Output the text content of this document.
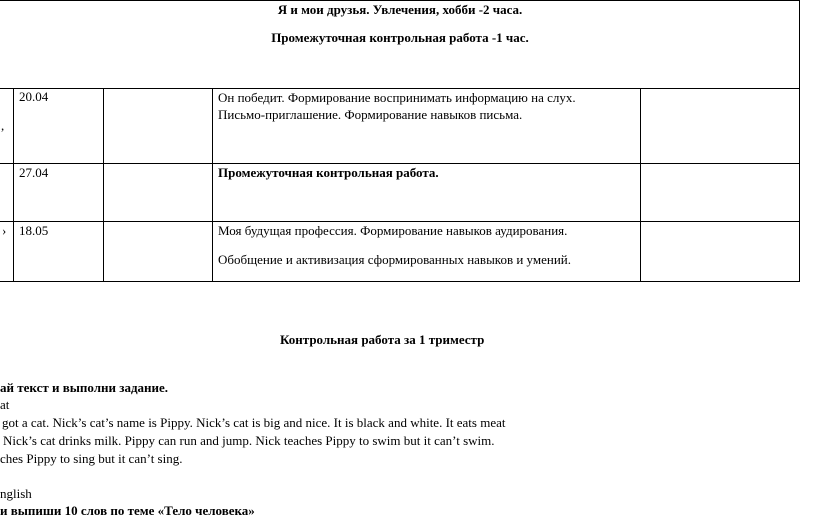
Я и мои друзья. Увлечения, хобби -2 часа.
Промежуточная контрольная работа -1 час.
,
20.04	Он победит. Формирование воспринимать информацию на слух.
Письмо-приглашение. Формирование навыков письма.
27.04	Промежуточная контрольная работа.
› 18.05	Моя будущая профессия. Формирование навыков аудирования.
Обобщение и активизация сформированных навыков и умений.
Контрольная работа за 1 триместр
ай текст и выполни задание.
at
got a cat. Nick’s cat’s name is Pippy. Nick’s cat is big and nice. It is black and white. It eats meat
Nick’s cat drinks milk. Pippy can run and jump. Nick teaches Pippy to swim but it can’t swim.
ches Pippy to sing but it can’t sing.
nglish
и выпиши 10 слов по теме «Тело человека»
